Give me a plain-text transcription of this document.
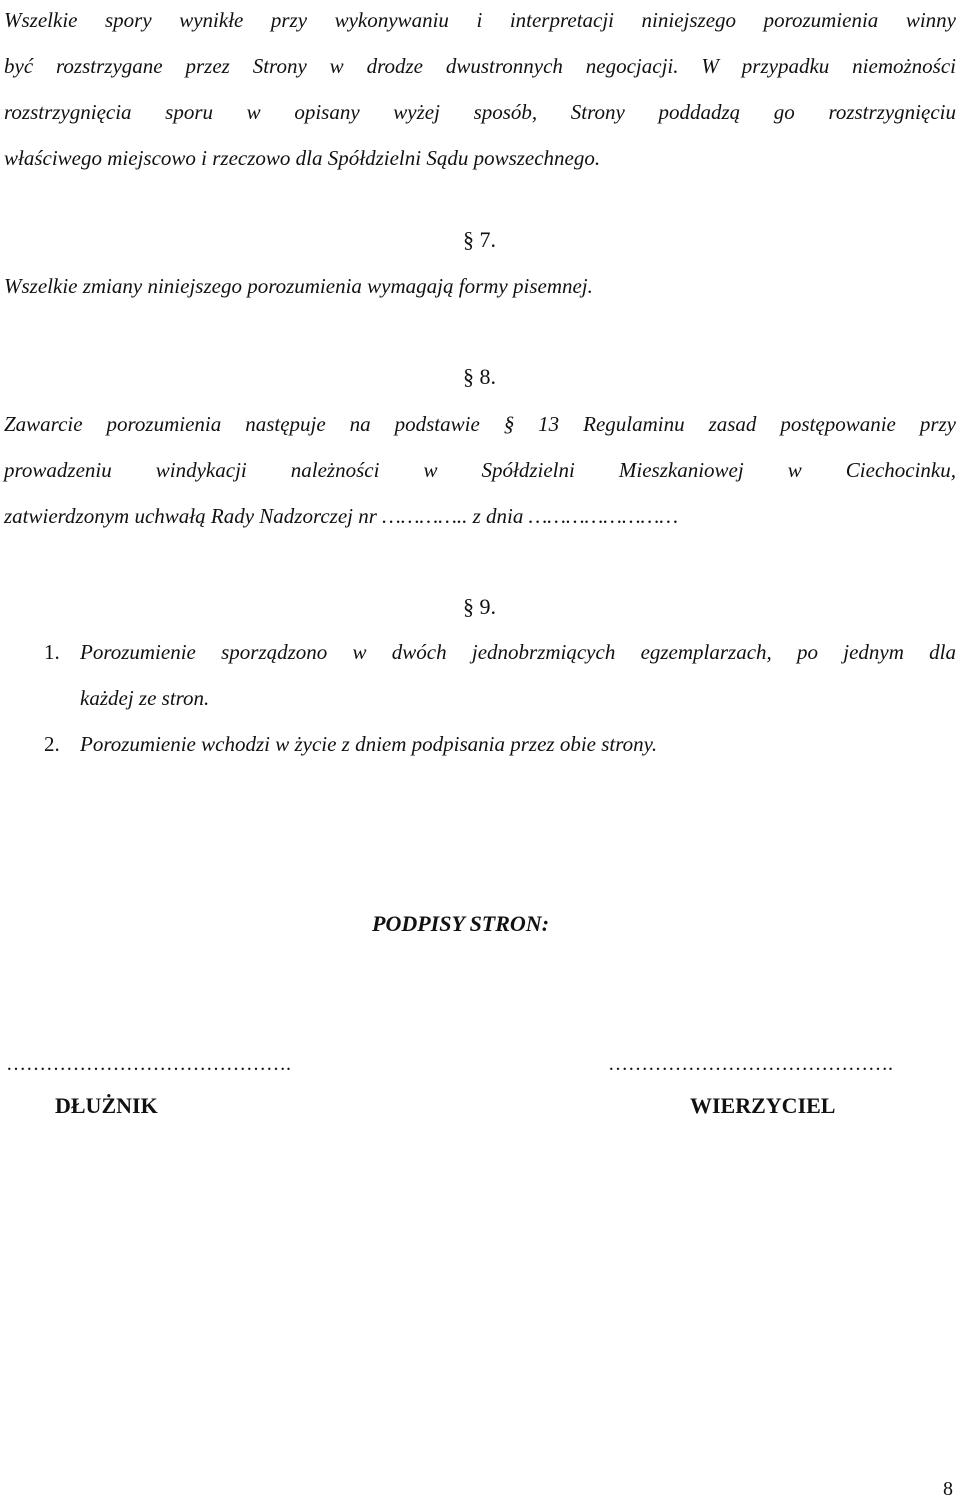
Wszelkie spory wynikłe przy wykonywaniu i interpretacji niniejszego porozumienia winny
być rozstrzygane przez Strony w drodze dwustronnych negocjacji. W przypadku niemożności
rozstrzygnięcia sporu w opisany wyżej sposób, Strony poddadzą go rozstrzygnięciu
właściwego miejscowo i rzeczowo dla Spółdzielni Sądu powszechnego.
§ 7.
Wszelkie zmiany niniejszego porozumienia wymagają formy pisemnej.
§ 8.
Zawarcie porozumienia następuje na podstawie § 13 Regulaminu zasad postępowanie przy
prowadzeniu windykacji należności w Spółdzielni Mieszkaniowej w Ciechocinku,
zatwierdzonym uchwałą Rady Nadzorczej nr ………….. z dnia ……………………
§ 9.
1. Porozumienie sporządzono w dwóch jednobrzmiących egzemplarzach, po jednym dla
każdej ze stron.
2. Porozumienie wchodzi w życie z dniem podpisania przez obie strony.
PODPISY STRON:
…………………………………….	…………………………………….
DŁUŻNIK	WIERZYCIEL
8
